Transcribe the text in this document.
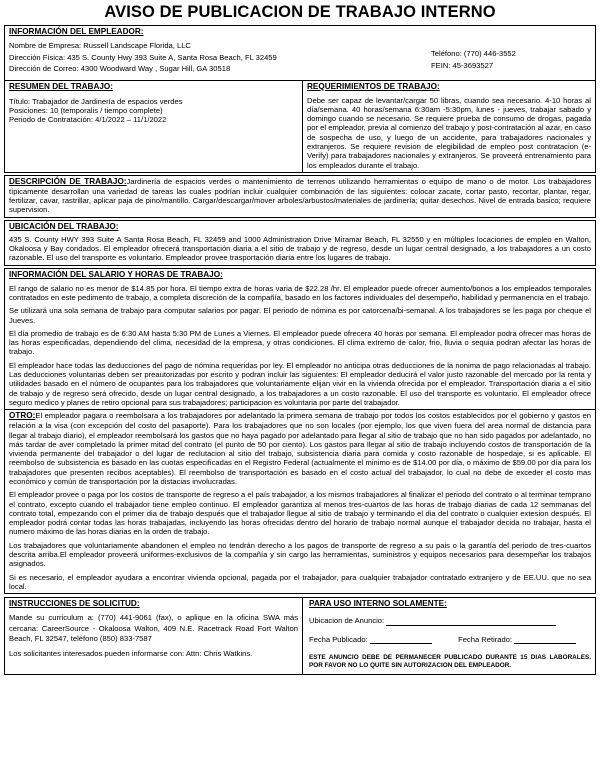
AVISO DE PUBLICACION DE TRABAJO INTERNO
INFORMACIÓN DEL EMPLEADOR:

Nombre de Empresa: Russell Landscape Florida, LLC

Dirección Física: 435 S. County Hwy 393 Suite A, Santa Rosa Beach, FL 32459

Dirección de Correo: 4300 Woodward Way , Sugar Hill, GA 30518

Teléfono: (770) 446-3552

FEIN: 45-3693527

RESUMEN DEL TRABAJO:

Título: Trabajador de Jardinería de espacios verdes

Posiciones: 10 (temporalis / tiempo complete)

Periodo de Contratación: 4/1/2022 – 11/1/2022

REQUERIMIENTOS DE TRABAJO:
Debe ser capaz de levantar/cargar 50 libras, cuando sea necesario. 4-10 horas al día/semana. 40 horas/semana 6:30am -5:30pm, lunes - jueves, trabajar sabado y domingo cuando se necesario. Se requiere prueba de consumo de drogas, pagada por el empleador, previa al comienzo del trabajo y post-contratación al azar, en caso de sospecha de uso, y luego de un accidente, para trabajadores nacionales y extranjeros. Se requiere revision de elegibilidad de empleo post contratacion (e-Verify) para trabajadores nacionales y extranjeros. Se proveerá entrenamiento para los empleados durante el trabajo.
DESCRIPCIÓN DE TRABAJO:Jardinería de espacios verdes o mantenimiento de terrenos utilizando herramientas o equipo de mano o de motor. Los trabajadores típicamente desarrollan una variedad de tareas las cuales podrían incluir cualquier combinación de las siguientes: colocar zacate, cortar pasto, recortar, plantar, regar, fertilizar, cavar, rastrillar, aplicar paja de pino/mantillo. Cargar/descargar/mover arboles/arbustos/materiales de jardinería; quitar desechos. Nivel de entrada basico; requiere supervision.
UBICACIÓN DEL TRABAJO:
435 S. County HWY 393 Suite A Santa Rosa Beach, FL 32459 and 1000 Administration Drive Miramar Beach, FL 32550 y en múltiples locaciones de empleo en Walton, Okaloosa y Bay condados. El empleador ofrecerá transportación diaria a el sitio de trabajo y de regreso, desde un lugar central designado, a los trabajadores a un costo razonable. El uso del transporte es voluntario. Empleador provee trasportación diaria entre los lugares de trabajo.
INFORMACIÓN DEL SALARIO Y HORAS DE TRABAJO:

El rango de salario no es menor de $14.85 por hora. El tiempo extra de horas varia de $22.28 /hr. El empleador puede ofrecer aumento/bonos a los empleados temporales contratados en este pedimento de trabajo, a completa discreción de la compañía, basado en los factores individuales del desempeño, habilidad y permanencia en el trabajo.

Se utilizará una sola semana de trabajo para computar salarios por pagar. El periodo de nómina es por catorcena/bi-semanal. A los trabajadores se les paga por cheque el Jueves.

El día promedio de trabajo es de 6:30 AM hasta 5:30 PM de Lunes a Viernes. El empleador puede ofrecera 40 horas por semana. El empleador podra ofrecer mas horas de las horas especificadas, dependiendo del clima, necesidad de la empresa, y otras condiciones. El clima extremo de calor, frio, lluvia o sequia podran afectar las horas de trabajo.

El empleador hace todas las deducciones del pago de nómina requeridas por ley. El empleador no anticipa otras deducciones de la nonima de pago relacionadas al trabajo. Las deducciones voluntarias deben ser preautorizadas por escrito y podran incluir las siguientes: El empleador deducirá el valor justo razonable del mercado por la renta y utilidades basado en el número de ocupantes para los trabajadores que voluntariamente elijan vivir en la vivienda ofrecida por el empleador. Transportación diaria a el sitio de trabajo y de regreso será ofrecido, desde un lugar central designado, a los trabajadores a un costo razonable. El uso del transporte es voluntario. El empleador ofrece seguro medico y planes de retiro opcional para sus trabajadores; participacion es voluntaria por parte del trabajador.

OTRO:El empleador pagara o reembolsara a los trabajadores por adelantado la primera semana de trabajo por todos los costos establecidos por el gobierno y gastos en relación a la visa (con excepción del costo del pasaporte). Para los trabajadores que no son locales (por ejemplo, los que viven fuera del area normal de distancia para llegar al trabajo diario), el empleador reembolsará los gastos que no haya pagado por adelantado para llegar al sitio de trabajo que no han sido pagados por adelantado, no más tardar de aver completado la primer mitad del contrato (el punto de 50 por ciento). Los gastos para llegar al sitio de trabajo incluyendo costos de transportación de la vivienda permanente del trabajador o del lugar de reclutacion al sitio del trabajo, subsistencia diaria para comida y costo razonable de hospedaje, si es aplicable. El reembolso de subsistencia es basado en las cuotas especificadas en el Registro Federal (actualmente el minimo es de $14.00 por día, o máximo de $59.00 por día para los trabajadores que presenten recibos aceptables). El reembolso de transportación es basado en el costo actual del trabajador, lo cual no debe de exceder el costo mas económico y común de transportación por la distacias involucradas.

El empleador provee o paga por los costos de transporte de regreso a el país trabajador, a los mismos trabajadores al finalizar el periodo del contrato o al terminar temprano el contrato, excepto cuando el trabajador tiene empleo continuo. El empleador garantiza al menos tres-cuartos de las horas de trabajo diarias de cada 12 semmanas del contrato total, empezando con el primer dia de trabajo después que el trabajador llegue al sitio de trabajo y terminando el dia del contrato o cualquier extesion después. El empleador podrá contar todas las horas trabajadas, incluyendo las horas ofrecidas dentro del horario de trabajo normal aunque el trabajador decida no trabajar, hasta el numero máximo de las horas diarias en la orden de trabajo.

Los trabajadores que voluntariamente abandonen el empleo no tendrán derecho a los pagos de transporte de regreso a su pais o la garantía del periodo de tres-cuartos descrita arriba.El empleador proveerá uniformes-exclusivos de la compañía y sin cargo las herramientas, suministros y equipos necesarios para desempeñar los trabajos asignados.

Si es necesario, el empleador ayudara a encontrar vivienda opcional, pagada por el trabajador, para cualquier trabajador contratado extranjero y de EE.UU. que no sea local.

INSTRUCCIONES DE SOLICITUD:
Mande su curriculum a: (770) 441-9061 (fax), o aplique en la oficina SWA más cercana: CareerSource - Okaloosa Walton, 409 N.E. Racetrack Road Fort Walton Beach, FL 32547, teléfono (850) 833-7587
Los solicitantes interesados pueden informarse con: Attn: Chris Watkins.
PARA USO INTERNO SOLAMENTE:
Ubicacion de Anuncio:
Fecha Publicado:	Fecha Retirado:
ESTE ANUNCIO DEBE DE PERMANECER PUBLICADO DURANTE 15 DIAS LABORALES. POR FAVOR NO LO QUITE SIN AUTORIZACION DEL EMPLEADOR.
